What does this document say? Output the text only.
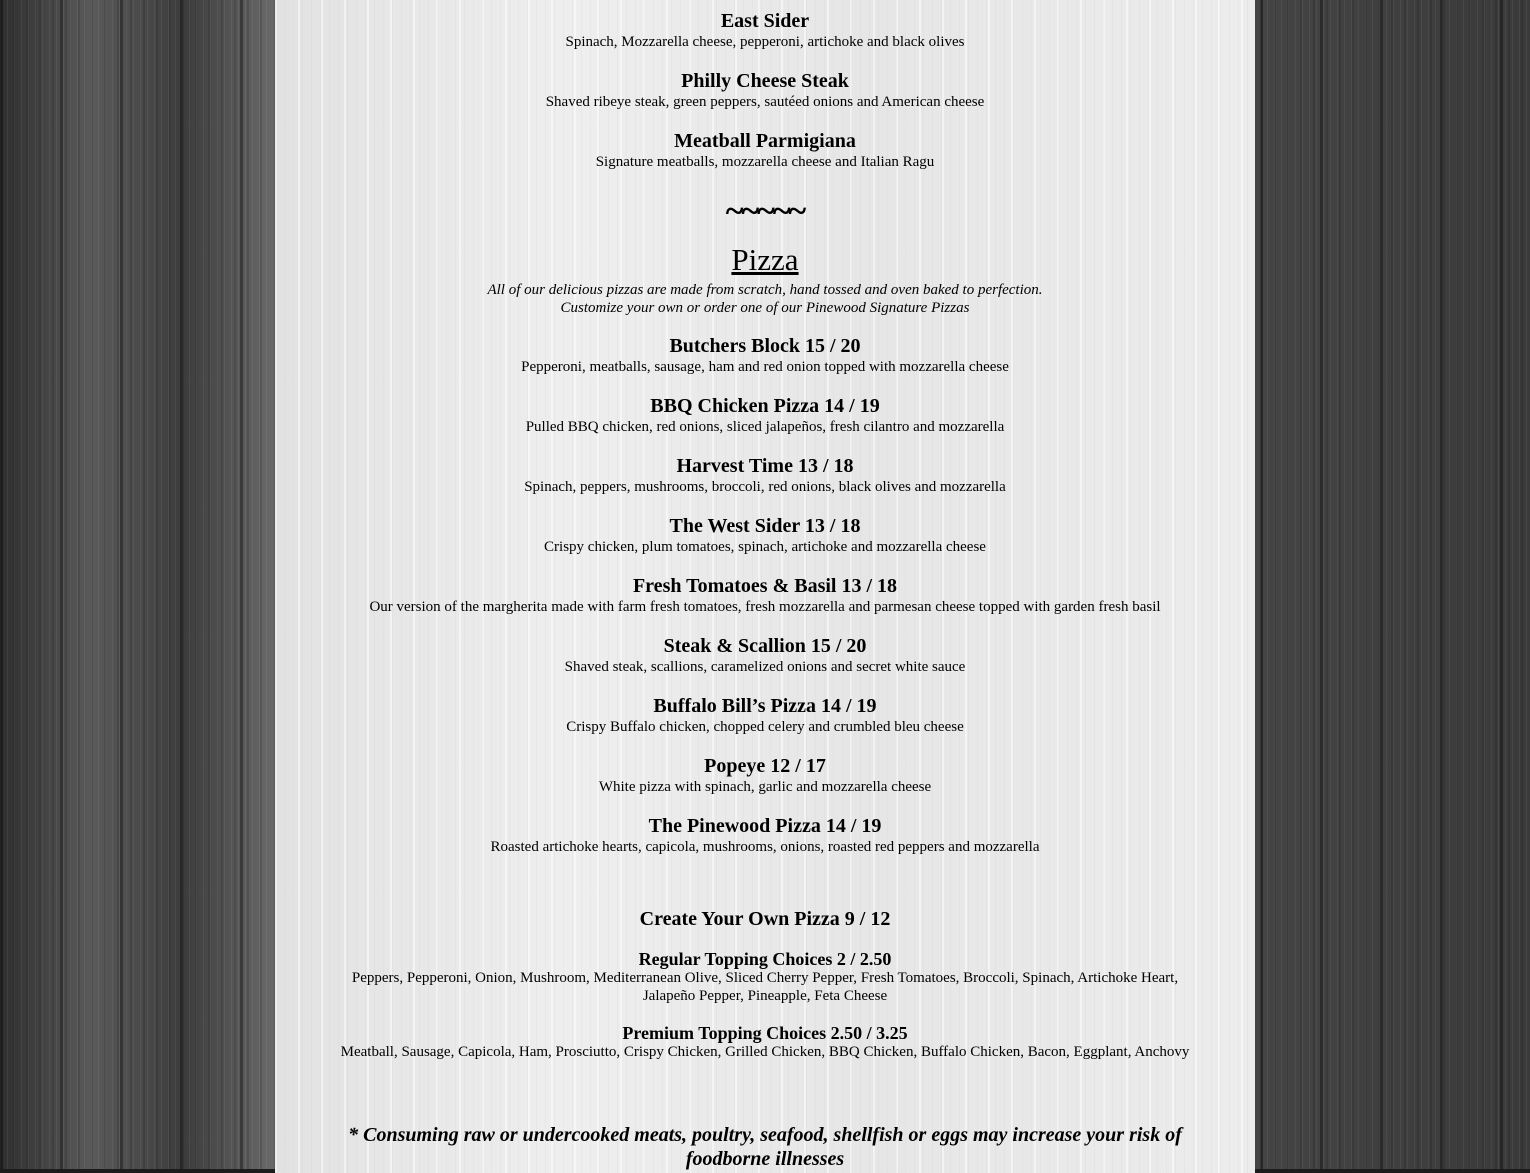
East Sider

Spinach, Mozzarella cheese, pepperoni, artichoke and black olives

Philly Cheese Steak

Shaved ribeye steak, green peppers, sautéed onions and American cheese

Meatball Parmigiana

Signature meatballs, mozzarella cheese and Italian Ragu

~~~~~

Pizza

All of our delicious pizzas are made from scratch, hand tossed and oven baked to perfection.

Customize your own or order one of our Pinewood Signature Pizzas

Butchers Block 15 / 20

Pepperoni, meatballs, sausage, ham and red onion topped with mozzarella cheese

BBQ Chicken Pizza 14 / 19

Pulled BBQ chicken, red onions, sliced jalapeños, fresh cilantro and mozzarella

Harvest Time 13 / 18

Spinach, peppers, mushrooms, broccoli, red onions, black olives and mozzarella

The West Sider 13 / 18

Crispy chicken, plum tomatoes, spinach, artichoke and mozzarella cheese

Fresh Tomatoes & Basil 13 / 18

Our version of the margherita made with farm fresh tomatoes, fresh mozzarella and parmesan cheese topped with garden fresh basil

Steak & Scallion 15 / 20

Shaved steak, scallions, caramelized onions and secret white sauce

Buffalo Bill’s Pizza 14 / 19

Crispy Buffalo chicken, chopped celery and crumbled bleu cheese

Popeye 12 / 17

White pizza with spinach, garlic and mozzarella cheese

The Pinewood Pizza 14 / 19

Roasted artichoke hearts, capicola, mushrooms, onions, roasted red peppers and mozzarella

Create Your Own Pizza 9 / 12

Regular Topping Choices 2 / 2.50

Peppers, Pepperoni, Onion, Mushroom, Mediterranean Olive, Sliced Cherry Pepper, Fresh Tomatoes, Broccoli, Spinach, Artichoke Heart,

Jalapeño Pepper, Pineapple, Feta Cheese

Premium Topping Choices 2.50 / 3.25

Meatball, Sausage, Capicola, Ham, Prosciutto, Crispy Chicken, Grilled Chicken, BBQ Chicken, Buffalo Chicken, Bacon, Eggplant, Anchovy

* Consuming raw or undercooked meats, poultry, seafood, shellfish or eggs may increase your risk of

foodborne illnesses
